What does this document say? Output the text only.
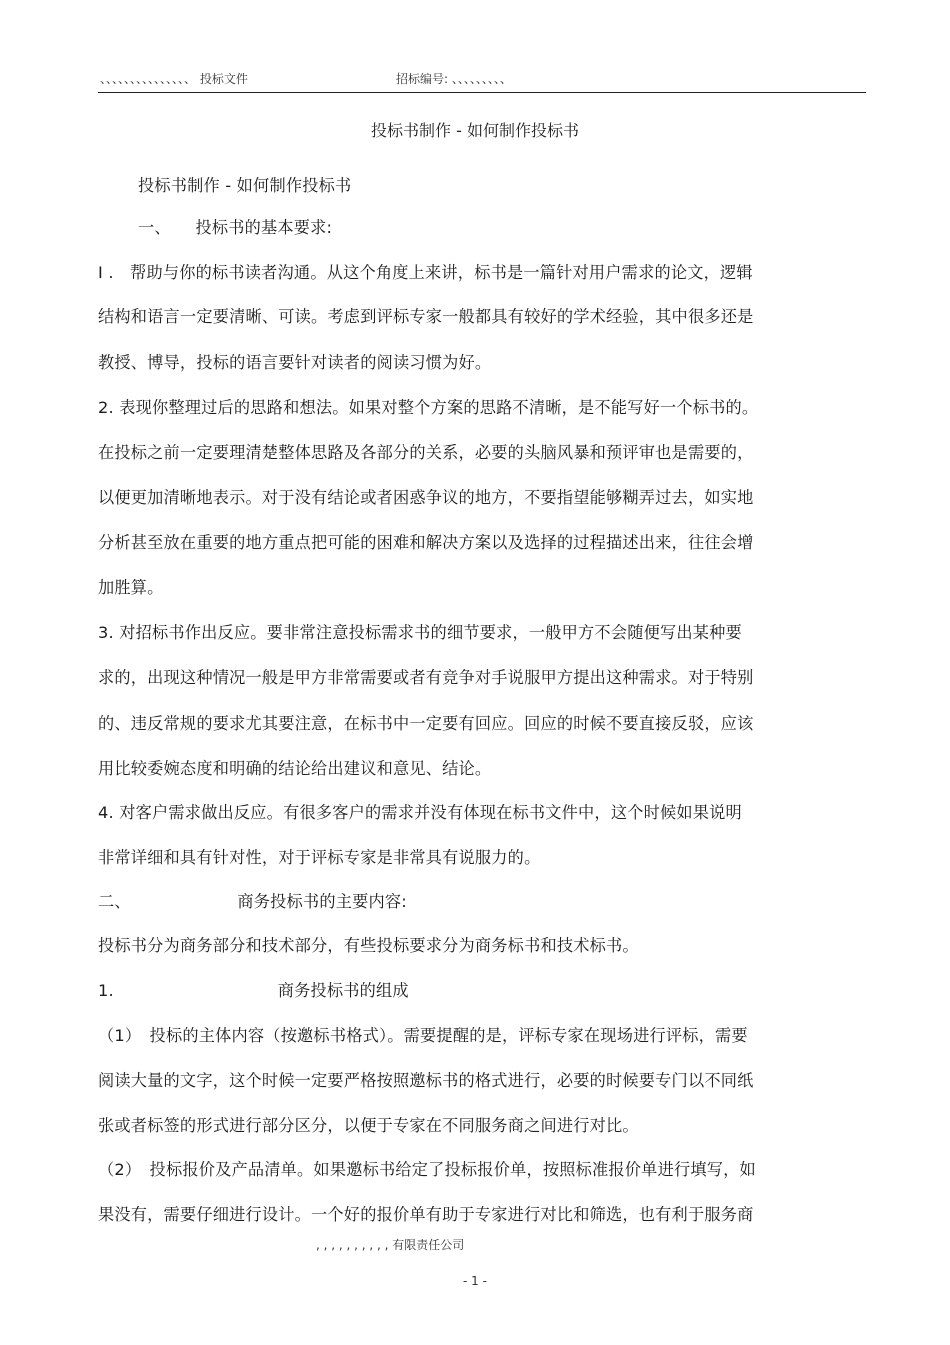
、、、、、、、、、、、、、、、 投标文件	招标编号: 、、、、、、、、、
投标书制作 - 如何制作投标书
投标书制作 - 如何制作投标书
一、　　投标书的基本要求:
I .　帮助与你的标书读者沟通。从这个角度上来讲，标书是一篇针对用户需求的论文，逻辑
结构和语言一定要清晰、可读。考虑到评标专家一般都具有较好的学术经验，其中很多还是
教授、博导，投标的语言要针对读者的阅读习惯为好。
2. 表现你整理过后的思路和想法。如果对整个方案的思路不清晰，是不能写好一个标书的。
在投标之前一定要理清楚整体思路及各部分的关系，必要的头脑风暴和预评审也是需要的，
以便更加清晰地表示。对于没有结论或者困惑争议的地方，不要指望能够糊弄过去，如实地
分析甚至放在重要的地方重点把可能的困难和解决方案以及选择的过程描述出来，往往会增
加胜算。
3. 对招标书作出反应。要非常注意投标需求书的细节要求，一般甲方不会随便写出某种要
求的，出现这种情况一般是甲方非常需要或者有竞争对手说服甲方提出这种需求。对于特别
的、违反常规的要求尤其要注意，在标书中一定要有回应。回应的时候不要直接反驳，应该
用比较委婉态度和明确的结论给出建议和意见、结论。
4. 对客户需求做出反应。有很多客户的需求并没有体现在标书文件中，这个时候如果说明
非常详细和具有针对性，对于评标专家是非常具有说服力的。
二、　　　　　　　商务投标书的主要内容:
投标书分为商务部分和技术部分，有些投标要求分为商务标书和技术标书。
1.　　　　　　　　　　商务投标书的组成
（1）　投标的主体内容（按邀标书格式）。需要提醒的是，评标专家在现场进行评标，需要
阅读大量的文字，这个时候一定要严格按照邀标书的格式进行，必要的时候要专门以不同纸
张或者标签的形式进行部分区分，以便于专家在不同服务商之间进行对比。
（2）　投标报价及产品清单。如果邀标书给定了投标报价单，按照标准报价单进行填写，如
果没有，需要仔细进行设计。一个好的报价单有助于专家进行对比和筛选，也有利于服务商
, , , , , , , , , , 有限责任公司
- 1 -
